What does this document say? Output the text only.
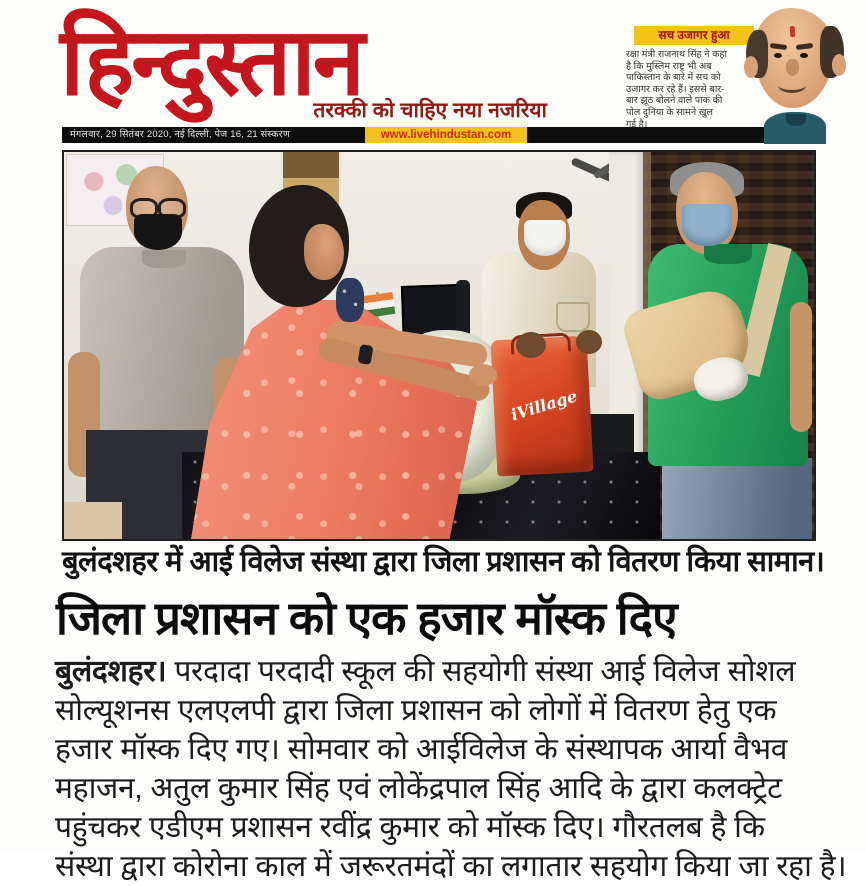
हिन्दुस्तान
तरक्की को चाहिए नया नजरिया
मंगलवार, 29 सितंबर 2020, नई दिल्ली, पेज 16, 21 संस्करण	www.livehindustan.com
सच उजागर हुआ
रक्षा मंत्री राजनाथ सिंह ने कहा
है कि मुस्लिम राष्ट्र भी अब
पाकिस्तान के बारे में सच को
उजागर कर रहे हैं। इससे बार-
बार झूठ बोलने वाले पाक की
पोल दुनिया के सामने खुल
गई है।
iVillage
बुलंदशहर में आई विलेज संस्था द्वारा जिला प्रशासन को वितरण किया सामान।
जिला प्रशासन को एक हजार मॉस्क दिए
बुलंदशहर। परदादा परदादी स्कूल की सहयोगी संस्था आई विलेज सोशल
सोल्यूशनस एलएलपी द्वारा जिला प्रशासन को लोगों में वितरण हेतु एक
हजार मॉस्क दिए गए। सोमवार को आईविलेज के संस्थापक आर्या वैभव
महाजन, अतुल कुमार सिंह एवं लोकेंद्रपाल सिंह आदि के द्वारा कलक्ट्रेट
पहुंचकर एडीएम प्रशासन रवींद्र कुमार को मॉस्क दिए। गौरतलब है कि
संस्था द्वारा कोरोना काल में जरूरतमंदों का लगातार सहयोग किया जा रहा है।
